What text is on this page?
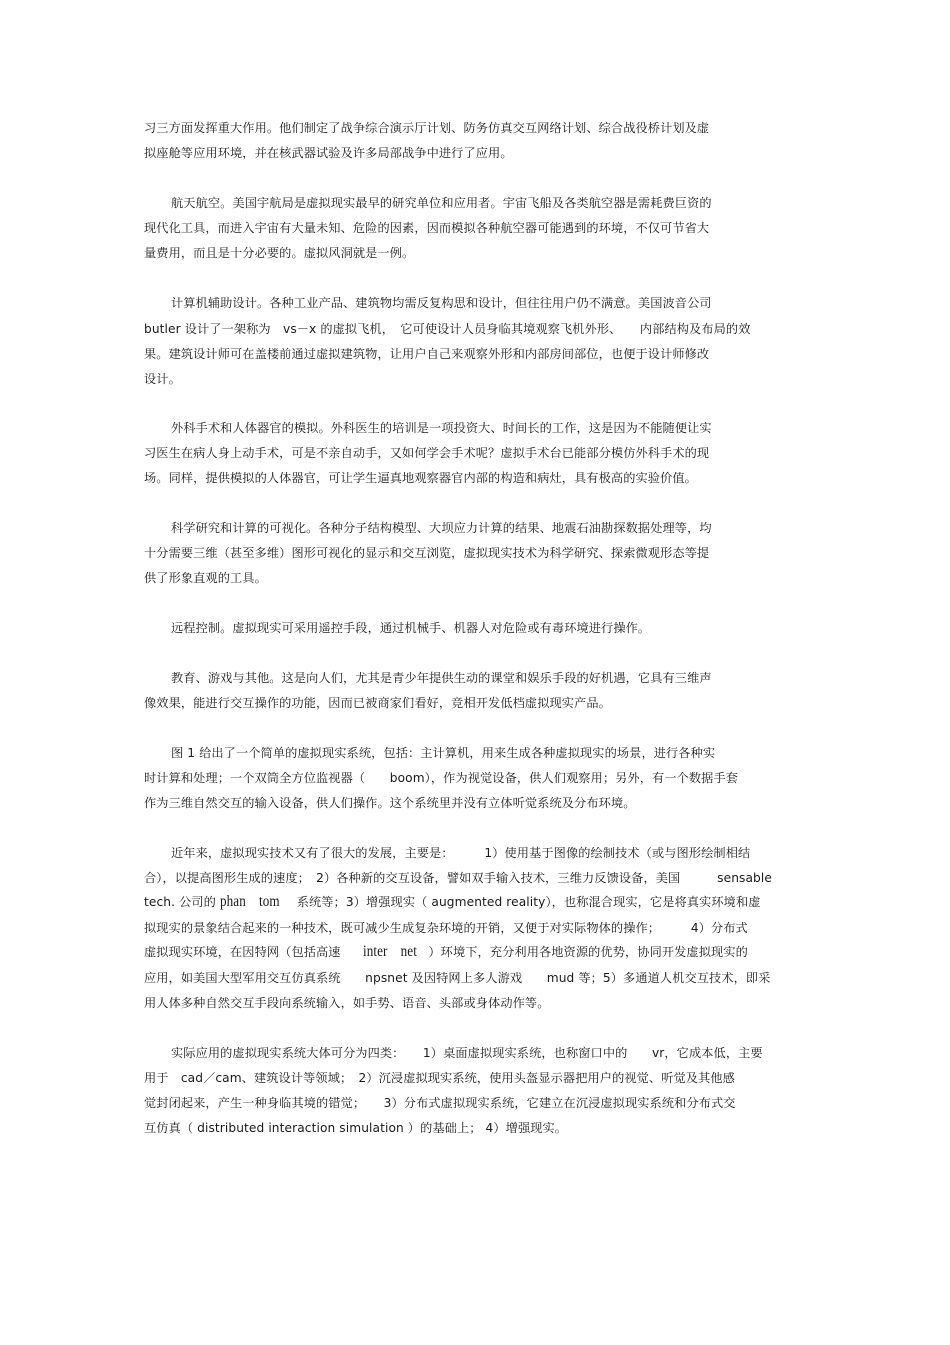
习三方面发挥重大作用。他们制定了战争综合演示厅计划、防务仿真交互网络计划、综合战役桥计划及虚

拟座舱等应用环境，并在核武器试验及许多局部战争中进行了应用。

航天航空。美国宇航局是虚拟现实最早的研究单位和应用者。宇宙飞船及各类航空器是需耗费巨资的

现代化工具，而进入宇宙有大量未知、危险的因素，因而模拟各种航空器可能遇到的环境，不仅可节省大

量费用，而且是十分必要的。虚拟风洞就是一例。

计算机辅助设计。各种工业产品、建筑物均需反复构思和设计，但往往用户仍不满意。美国波音公司

butler 设计了一架称为　vs－x 的虚拟飞机，　它可使设计人员身临其境观察飞机外形、　　内部结构及布局的效

果。建筑设计师可在盖楼前通过虚拟建筑物，让用户自己来观察外形和内部房间部位，也便于设计师修改

设计。

外科手术和人体器官的模拟。外科医生的培训是一项投资大、时间长的工作，这是因为不能随便让实

习医生在病人身上动手术，可是不亲自动手，又如何学会手术呢？虚拟手术台已能部分模仿外科手术的现

场。同样，提供模拟的人体器官，可让学生逼真地观察器官内部的构造和病灶，具有极高的实验价值。

科学研究和计算的可视化。各种分子结构模型、大坝应力计算的结果、地震石油勘探数据处理等，均

十分需要三维（甚至多维）图形可视化的显示和交互浏览，虚拟现实技术为科学研究、探索微观形态等提

供了形象直观的工具。

远程控制。虚拟现实可采用遥控手段，通过机械手、机器人对危险或有毒环境进行操作。

教育、游戏与其他。这是向人们，尤其是青少年提供生动的课堂和娱乐手段的好机遇，它具有三维声

像效果，能进行交互操作的功能，因而已被商家们看好，竞相开发低档虚拟现实产品。

图 1 给出了一个简单的虚拟现实系统，包括：主计算机，用来生成各种虚拟现实的场景，进行各种实

时计算和处理；一个双筒全方位监视器（　　boom），作为视觉设备，供人们观察用；另外，有一个数据手套

作为三维自然交互的输入设备，供人们操作。这个系统里并没有立体听觉系统及分布环境。

近年来，虚拟现实技术又有了很大的发展，主要是：　　　1）使用基于图像的绘制技术（或与图形绘制相结

合），以提高图形生成的速度；　2）各种新的交互设备，譬如双手输入技术，三维力反馈设备，美国　　　sensable

tech. 公司的 phan　tom 系统等；3）增强现实（ augmented reality），也称混合现实，它是将真实环境和虚

拟现实的景象结合起来的一种技术，既可减少生成复杂环境的开销，又便于对实际物体的操作；　　　4）分布式

虚拟现实环境，在因特网（包括高速 inter　net ）环境下，充分利用各地资源的优势，协同开发虚拟现实的

应用，如美国大型军用交互仿真系统　　npsnet 及因特网上多人游戏　　mud 等；5）多通道人机交互技术，即采

用人体多种自然交互手段向系统输入，如手势、语音、头部或身体动作等。

实际应用的虚拟现实系统大体可分为四类：　　1）桌面虚拟现实系统，也称窗口中的　　vr，它成本低，主要

用于　cad／cam、建筑设计等领域；　2）沉浸虚拟现实系统，使用头盔显示器把用户的视觉、听觉及其他感

觉封闭起来，产生一种身临其境的错觉；　　3）分布式虚拟现实系统，它建立在沉浸虚拟现实系统和分布式交

互仿真（ distributed interaction simulation ）的基础上； 4）增强现实。
